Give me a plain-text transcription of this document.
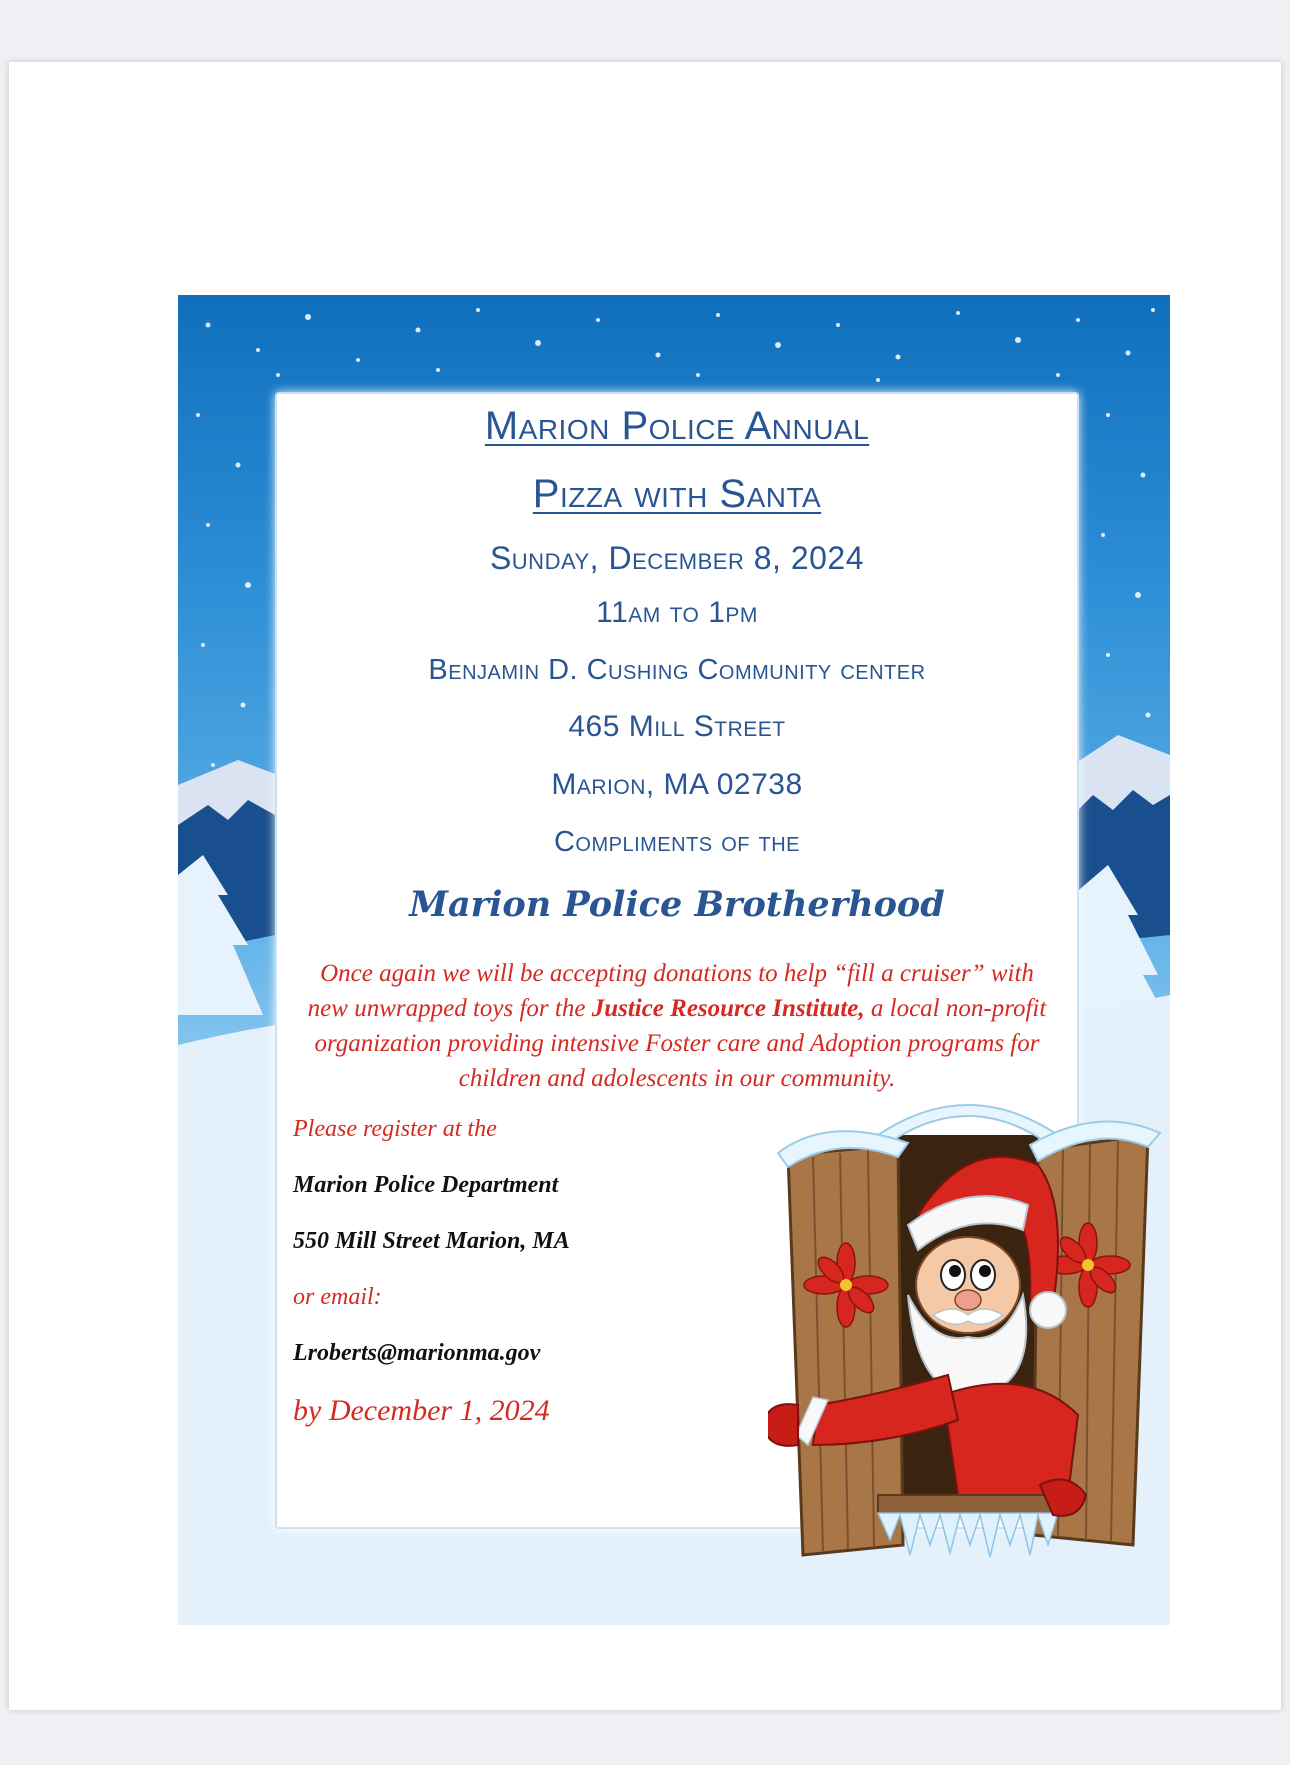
Marion Police Annual
Pizza with Santa
Sunday, December 8, 2024
11am to 1pm
Benjamin D. Cushing Community center
465 Mill Street
Marion, MA 02738
Compliments of the
Marion Police Brotherhood
Once again we will be accepting donations to help “fill a cruiser” with new unwrapped toys for the Justice Resource Institute, a local non-profit organization providing intensive Foster care and Adoption programs for children and adolescents in our community.
Please register at the
Marion Police Department
550 Mill Street Marion, MA
or email:
Lroberts@marionma.gov
by December 1, 2024
